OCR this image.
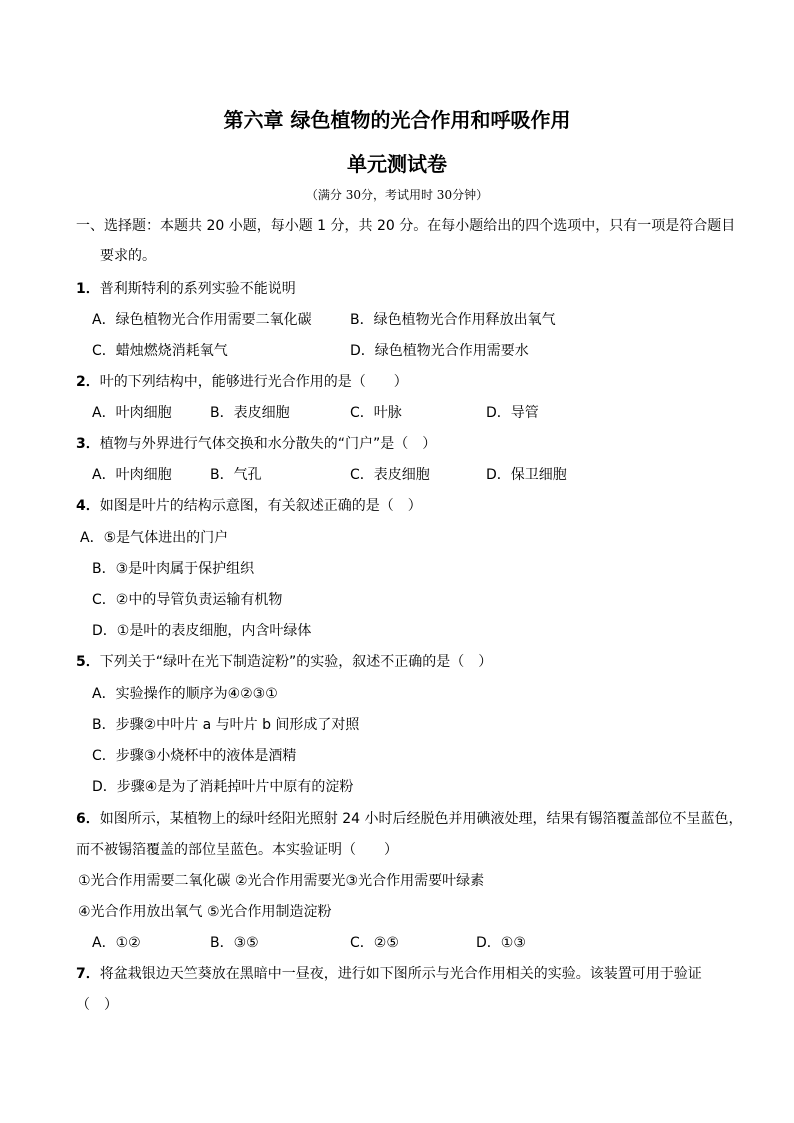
第六章 绿色植物的光合作用和呼吸作用
单元测试卷
（满分 30分，考试用时 30分钟）
一、选择题：本题共 20 小题，每小题 1 分，共 20 分。在每小题给出的四个选项中，只有一项是符合题目
要求的。
1．普利斯特利的系列实验不能说明
A．绿色植物光合作用需要二氧化碳	B．绿色植物光合作用释放出氧气
C．蜡烛燃烧消耗氧气	D．绿色植物光合作用需要水
2．叶的下列结构中，能够进行光合作用的是（　　）
A．叶肉细胞	B．表皮细胞	C．叶脉	D．导管
3．植物与外界进行气体交换和水分散失的“门户”是（　）
A．叶肉细胞	B．气孔	C．表皮细胞	D．保卫细胞
4．如图是叶片的结构示意图，有关叙述正确的是（　）
A．⑤是气体进出的门户
B．③是叶肉属于保护组织
C．②中的导管负责运输有机物
D．①是叶的表皮细胞，内含叶绿体
5．下列关于“绿叶在光下制造淀粉”的实验，叙述不正确的是（　）
A．实验操作的顺序为④②③①
B．步骤②中叶片 a 与叶片 b 间形成了对照
C．步骤③小烧杯中的液体是酒精
D．步骤④是为了消耗掉叶片中原有的淀粉
6．如图所示，某植物上的绿叶经阳光照射 24 小时后经脱色并用碘液处理，结果有锡箔覆盖部位不呈蓝色，
而不被锡箔覆盖的部位呈蓝色。本实验证明（　　）
①光合作用需要二氧化碳 ②光合作用需要光③光合作用需要叶绿素
④光合作用放出氧气 ⑤光合作用制造淀粉
A．①②	B．③⑤	C．②⑤	D．①③
7．将盆栽银边天竺葵放在黑暗中一昼夜，进行如下图所示与光合作用相关的实验。该装置可用于验证
（　）
